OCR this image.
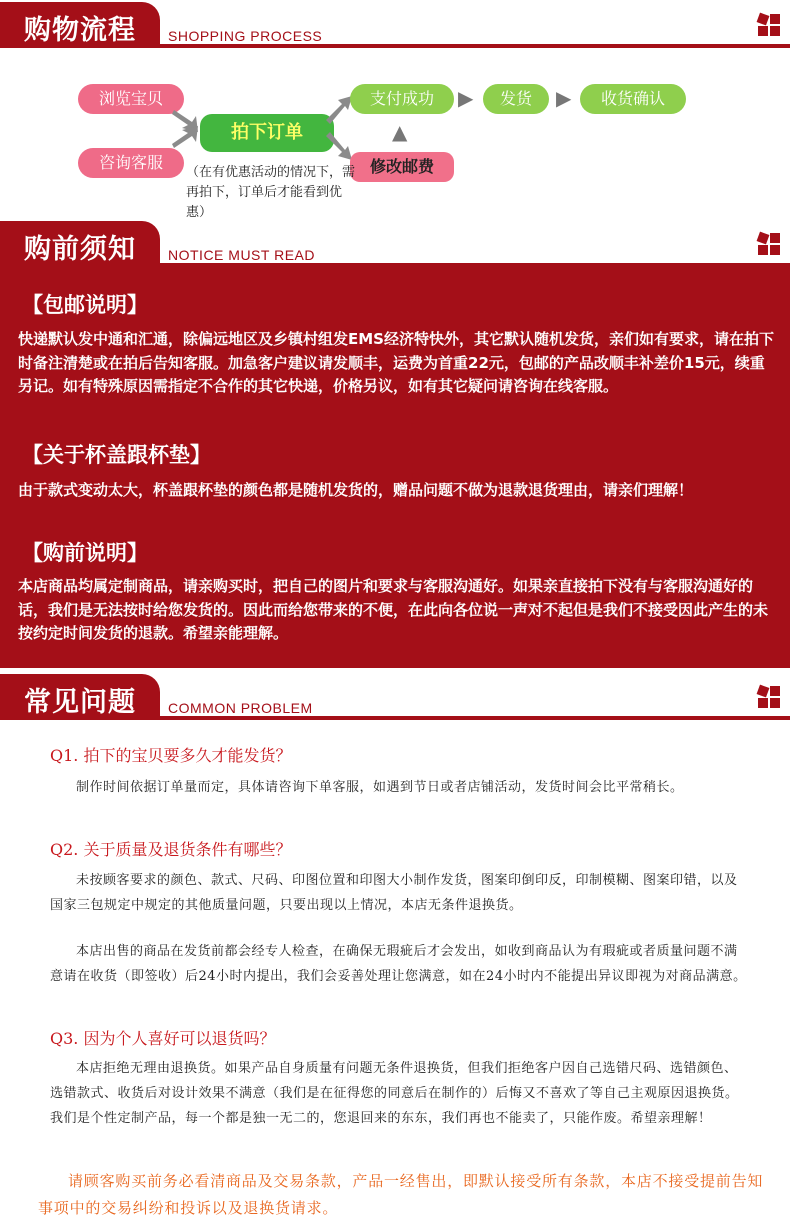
购物流程 SHOPPING PROCESS
浏览宝贝
咨询客服
拍下订单
支付成功	▶	发货	▶	收货确认
▲
修改邮费
（在有优惠活动的情况下，需再拍下，订单后才能看到优惠）
购前须知 NOTICE MUST READ
【包邮说明】
快递默认发中通和汇通，除偏远地区及乡镇村组发EMS经济特快外，其它默认随机发货，亲们如有要求，请在拍下时备注清楚或在拍后告知客服。加急客户建议请发顺丰，运费为首重22元，包邮的产品改顺丰补差价15元，续重另记。如有特殊原因需指定不合作的其它快递，价格另议，如有其它疑问请咨询在线客服。
【关于杯盖跟杯垫】
由于款式变动太大，杯盖跟杯垫的颜色都是随机发货的，赠品问题不做为退款退货理由，请亲们理解！
【购前说明】
本店商品均属定制商品，请亲购买时，把自己的图片和要求与客服沟通好。如果亲直接拍下没有与客服沟通好的话，我们是无法按时给您发货的。因此而给您带来的不便，在此向各位说一声对不起但是我们不接受因此产生的未按约定时间发货的退款。希望亲能理解。
常见问题 COMMON PROBLEM
Q1. 拍下的宝贝要多久才能发货？
制作时间依据订单量而定，具体请咨询下单客服，如遇到节日或者店铺活动，发货时间会比平常稍长。
Q2. 关于质量及退货条件有哪些？
未按顾客要求的颜色、款式、尺码、印图位置和印图大小制作发货，图案印倒印反，印制模糊、图案印错，以及国家三包规定中规定的其他质量问题，只要出现以上情况，本店无条件退换货。
本店出售的商品在发货前都会经专人检查，在确保无瑕疵后才会发出，如收到商品认为有瑕疵或者质量问题不满意请在收货（即签收）后24小时内提出，我们会妥善处理让您满意，如在24小时内不能提出异议即视为对商品满意。
Q3. 因为个人喜好可以退货吗？
本店拒绝无理由退换货。如果产品自身质量有问题无条件退换货，但我们拒绝客户因自己选错尺码、选错颜色、选错款式、收货后对设计效果不满意（我们是在征得您的同意后在制作的）后悔又不喜欢了等自己主观原因退换货。我们是个性定制产品，每一个都是独一无二的，您退回来的东东，我们再也不能卖了，只能作废。希望亲理解！
请顾客购买前务必看清商品及交易条款，产品一经售出，即默认接受所有条款，本店不接受提前告知事项中的交易纠纷和投诉以及退换货请求。
